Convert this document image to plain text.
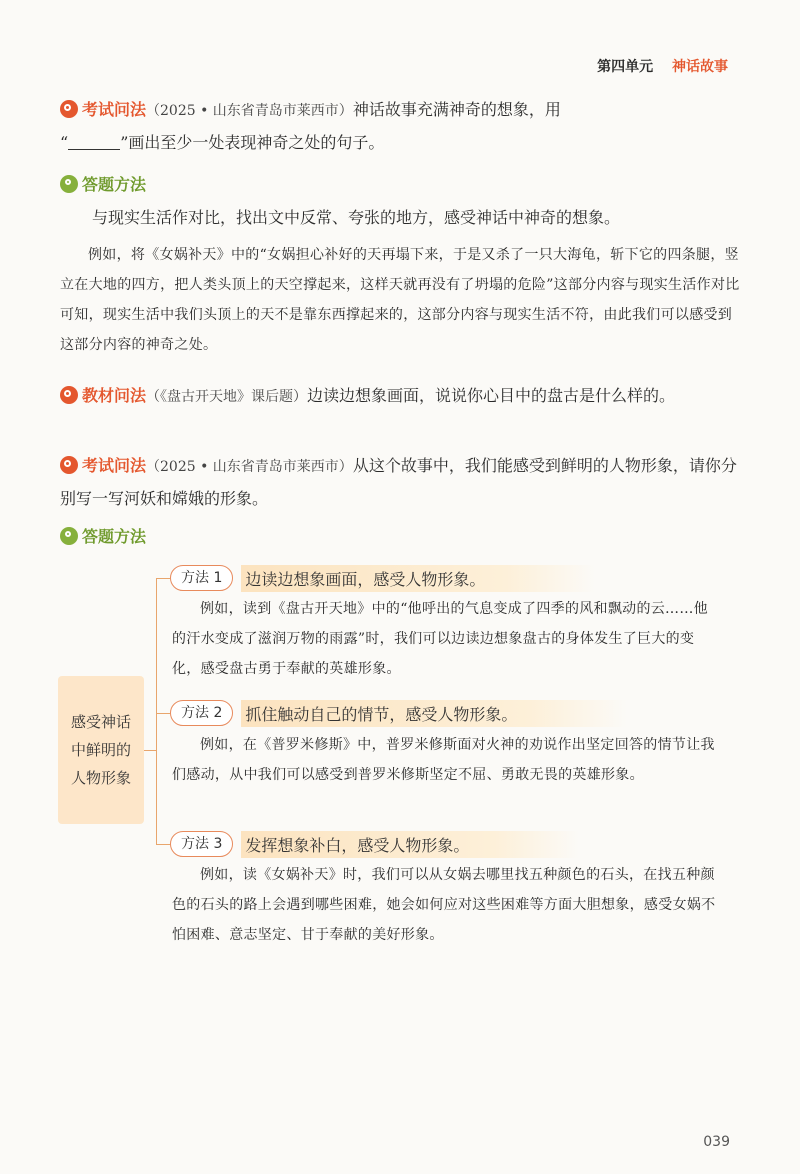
第四单元 神话故事
考试问法（2025 • 山东省青岛市莱西市）神话故事充满神奇的想象，用
“	”画出至少一处表现神奇之处的句子。
答题方法
与现实生活作对比，找出文中反常、夸张的地方，感受神话中神奇的想象。
例如，将《女娲补天》中的“女娲担心补好的天再塌下来，于是又杀了一只大海龟，斩下它的四条腿，竖立在大地的四方，把人类头顶上的天空撑起来，这样天就再没有了坍塌的危险”这部分内容与现实生活作对比可知，现实生活中我们头顶上的天不是靠东西撑起来的，这部分内容与现实生活不符，由此我们可以感受到这部分内容的神奇之处。
教材问法（《盘古开天地》课后题）边读边想象画面，说说你心目中的盘古是什么样的。
考试问法（2025 • 山东省青岛市莱西市）从这个故事中，我们能感受到鲜明的人物形象，请你分别写一写河妖和嫦娥的形象。
答题方法
感受神话中鲜明的人物形象
方法 1	边读边想象画面，感受人物形象。
例如，读到《盘古开天地》中的“他呼出的气息变成了四季的风和飘动的云……他的汗水变成了滋润万物的雨露”时，我们可以边读边想象盘古的身体发生了巨大的变化，感受盘古勇于奉献的英雄形象。
方法 2	抓住触动自己的情节，感受人物形象。
例如，在《普罗米修斯》中，普罗米修斯面对火神的劝说作出坚定回答的情节让我们感动，从中我们可以感受到普罗米修斯坚定不屈、勇敢无畏的英雄形象。
方法 3	发挥想象补白，感受人物形象。
例如，读《女娲补天》时，我们可以从女娲去哪里找五种颜色的石头，在找五种颜色的石头的路上会遇到哪些困难，她会如何应对这些困难等方面大胆想象，感受女娲不怕困难、意志坚定、甘于奉献的美好形象。
039
